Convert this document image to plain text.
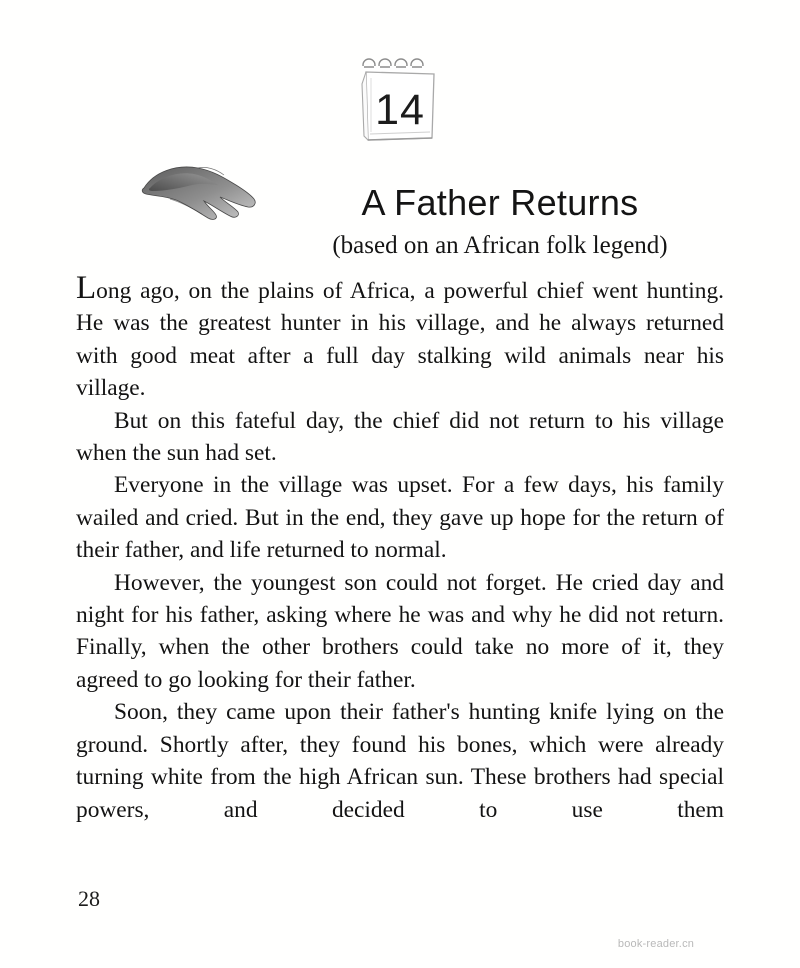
14
A Father Returns
(based on an African folk legend)

Long ago, on the plains of Africa, a powerful chief went hunting. He was the greatest hunter in his village, and he always returned with good meat after a full day stalking wild animals near his village.

But on this fateful day, the chief did not return to his village when the sun had set.

Everyone in the village was upset. For a few days, his family wailed and cried. But in the end, they gave up hope for the return of their father, and life returned to normal.

However, the youngest son could not forget. He cried day and night for his father, asking where he was and why he did not return. Finally, when the other brothers could take no more of it, they agreed to go looking for their father.

Soon, they came upon their father's hunting knife lying on the ground. Shortly after, they found his bones, which were already turning white from the high African sun. These brothers had special powers, and decided to use them

28
book-reader.cn
